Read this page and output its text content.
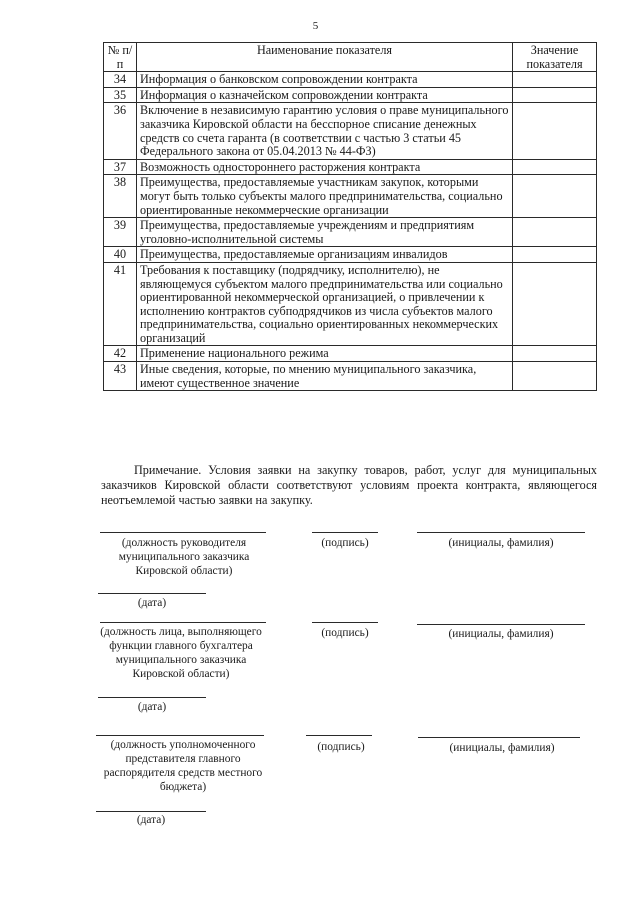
5
№ п/п	Наименование показателя	Значение показателя
34	Информация о банковском сопровождении контракта	
35	Информация о казначейском сопровождении контракта	
36	Включение в независимую гарантию условия о праве муниципального заказчика Кировской области на бесспорное списание денежных средств со счета гаранта (в соответствии с частью 3 статьи 45 Федерального закона от 05.04.2013 № 44-ФЗ)	
37	Возможность одностороннего расторжения контракта	
38	Преимущества, предоставляемые участникам закупок, которыми могут быть только субъекты малого предпринимательства, социально ориентированные некоммерческие организации	
39	Преимущества, предоставляемые учреждениям и предприятиям уголовно-исполнительной системы	
40	Преимущества, предоставляемые организациям инвалидов	
41	Требования к поставщику (подрядчику, исполнителю), не являющемуся субъектом малого предпринимательства или социально ориентированной некоммерческой организацией, о привлечении к исполнению контрактов субподрядчиков из числа субъектов малого предпринимательства, социально ориентированных некоммерческих организаций	
42	Применение национального режима	
43	Иные сведения, которые, по мнению муниципального заказчика, имеют существенное значение	
Примечание. Условия заявки на закупку товаров, работ, услуг для муниципальных заказчиков Кировской области соответствуют условиям проекта контракта, являющегося неотъемлемой частью заявки на закупку.
(должность руководителя муниципального заказчика Кировской области)
(подпись)	(инициалы, фамилия)
(дата)
(должность лица, выполняющего функции главного бухгалтера муниципального заказчика Кировской области)
(подпись)	(инициалы, фамилия)
(дата)
(должность уполномоченного представителя главного распорядителя средств местного бюджета)
(подпись)	(инициалы, фамилия)
(дата)
